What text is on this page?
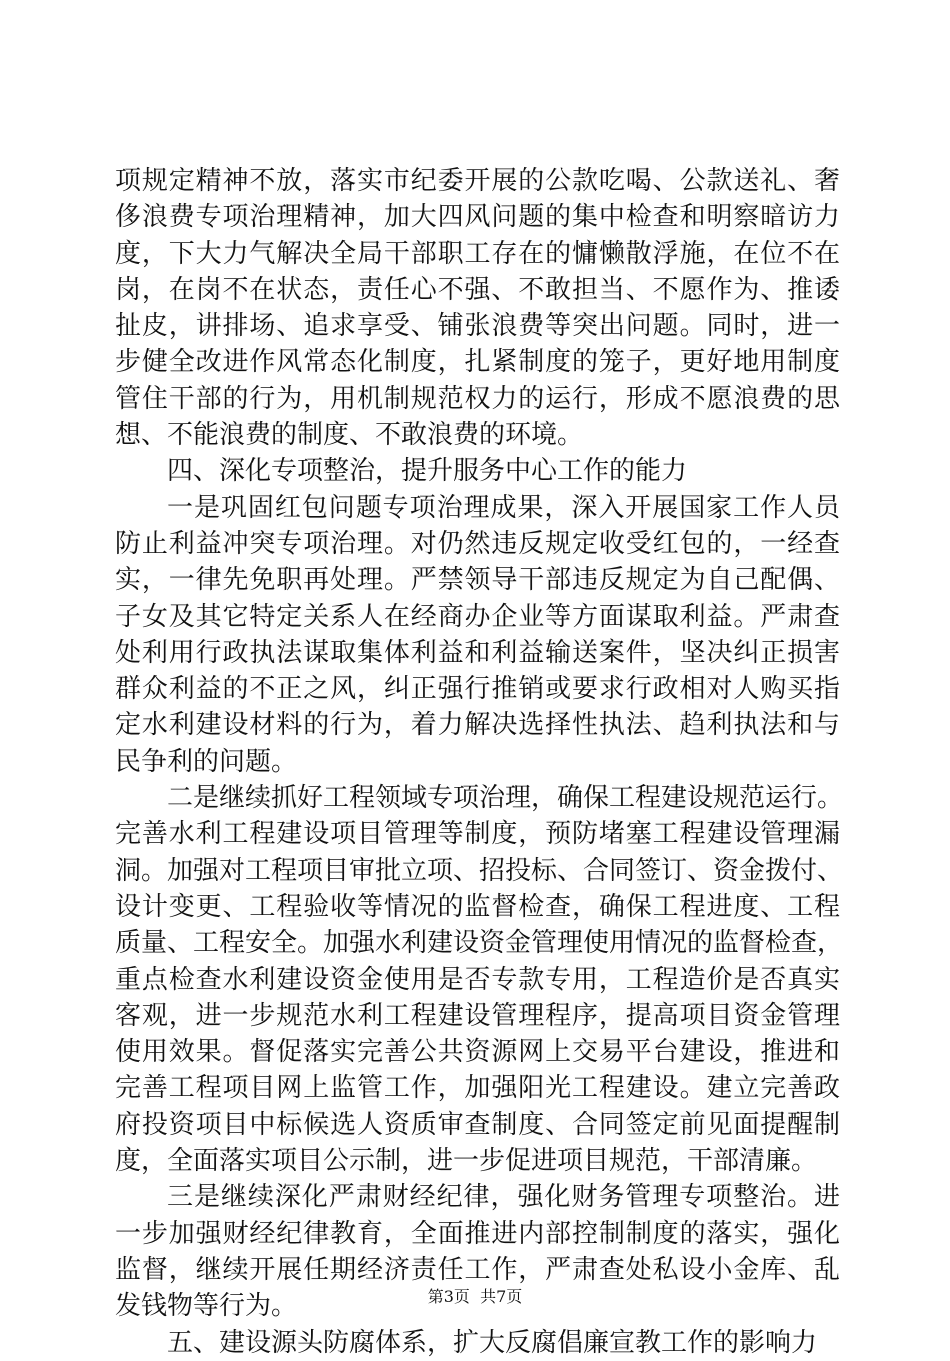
项规定精神不放，落实市纪委开展的公款吃喝、公款送礼、奢
侈浪费专项治理精神，加大四风问题的集中检查和明察暗访力
度，下大力气解决全局干部职工存在的慵懒散浮施，在位不在
岗，在岗不在状态，责任心不强、不敢担当、不愿作为、推诿
扯皮，讲排场、追求享受、铺张浪费等突出问题。同时，进一
步健全改进作风常态化制度，扎紧制度的笼子，更好地用制度
管住干部的行为，用机制规范权力的运行，形成不愿浪费的思
想、不能浪费的制度、不敢浪费的环境。
四、深化专项整治，提升服务中心工作的能力
一是巩固红包问题专项治理成果，深入开展国家工作人员
防止利益冲突专项治理。对仍然违反规定收受红包的，一经查
实，一律先免职再处理。严禁领导干部违反规定为自己配偶、
子女及其它特定关系人在经商办企业等方面谋取利益。严肃查
处利用行政执法谋取集体利益和利益输送案件，坚决纠正损害
群众利益的不正之风，纠正强行推销或要求行政相对人购买指
定水利建设材料的行为，着力解决选择性执法、趋利执法和与
民争利的问题。
二是继续抓好工程领域专项治理，确保工程建设规范运行。
完善水利工程建设项目管理等制度，预防堵塞工程建设管理漏
洞。加强对工程项目审批立项、招投标、合同签订、资金拨付、
设计变更、工程验收等情况的监督检查，确保工程进度、工程
质量、工程安全。加强水利建设资金管理使用情况的监督检查，
重点检查水利建设资金使用是否专款专用，工程造价是否真实
客观，进一步规范水利工程建设管理程序，提高项目资金管理
使用效果。督促落实完善公共资源网上交易平台建设，推进和
完善工程项目网上监管工作，加强阳光工程建设。建立完善政
府投资项目中标候选人资质审查制度、合同签定前见面提醒制
度，全面落实项目公示制，进一步促进项目规范，干部清廉。
三是继续深化严肃财经纪律，强化财务管理专项整治。进
一步加强财经纪律教育，全面推进内部控制制度的落实，强化
监督，继续开展任期经济责任工作，严肃查处私设小金库、乱
发钱物等行为。
五、建设源头防腐体系，扩大反腐倡廉宣教工作的影响力
第3页  共7页
